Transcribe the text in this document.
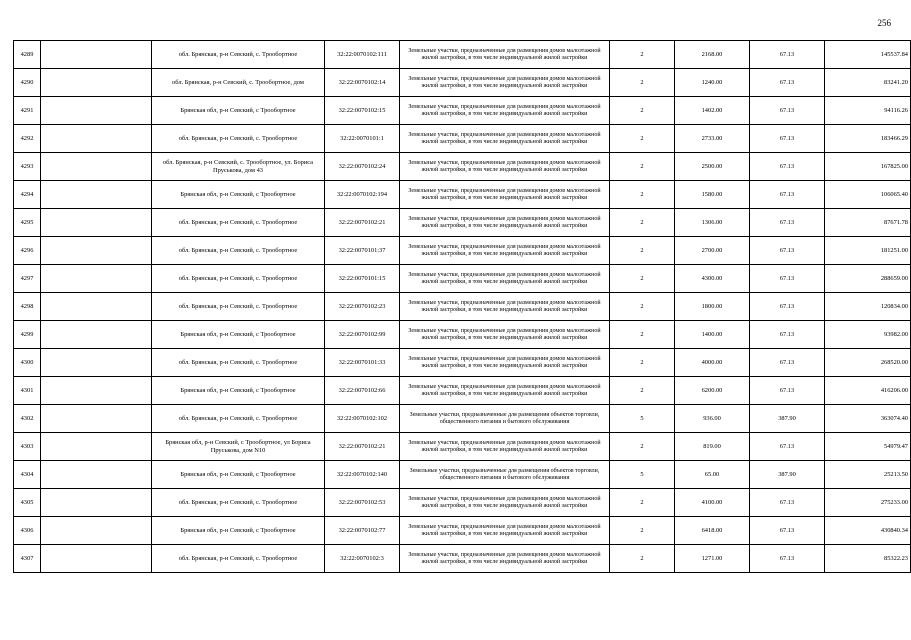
256
4289		обл. Брянская, р-н Севский, с. Трообортное	32:22:0070102:111	Земельные участки, предназначенные для размещения домов малоэтажной жилой застройки, в том числе индивидуальной жилой застройки	2	2168.00	67.13	145537.84
4290		обл. Брянская, р-н Севский, с. Трообортное, дом	32:22:0070102:14	Земельные участки, предназначенные для размещения домов малоэтажной жилой застройки, в том числе индивидуальной жилой застройки	2	1240.00	67.13	83241.20
4291		Брянская обл, р-н Севский, с Трообортное	32:22:0070102:15	Земельные участки, предназначенные для размещения домов малоэтажной жилой застройки, в том числе индивидуальной жилой застройки	2	1402.00	67.13	94116.26
4292		обл. Брянская, р-н Севский, с. Трообортное	32:22:0070101:1	Земельные участки, предназначенные для размещения домов малоэтажной жилой застройки, в том числе индивидуальной жилой застройки	2	2733.00	67.13	183466.29
4293		обл. Брянская, р-н Севский, с. Трообортное, ул. Бориса Пруськова, дом 43	32:22:0070102:24	Земельные участки, предназначенные для размещения домов малоэтажной жилой застройки, в том числе индивидуальной жилой застройки	2	2500.00	67.13	167825.00
4294		Брянская обл, р-н Севский, с Трообортное	32:22:0070102:194	Земельные участки, предназначенные для размещения домов малоэтажной жилой застройки, в том числе индивидуальной жилой застройки	2	1580.00	67.13	106065.40
4295		обл. Брянская, р-н Севский, с. Трообортное	32:22:0070102:21	Земельные участки, предназначенные для размещения домов малоэтажной жилой застройки, в том числе индивидуальной жилой застройки	2	1306.00	67.13	87671.78
4296		обл. Брянская, р-н Севский, с. Трообортное	32:22:0070101:37	Земельные участки, предназначенные для размещения домов малоэтажной жилой застройки, в том числе индивидуальной жилой застройки	2	2700.00	67.13	181251.00
4297		обл. Брянская, р-н Севский, с. Трообортное	32:22:0070101:15	Земельные участки, предназначенные для размещения домов малоэтажной жилой застройки, в том числе индивидуальной жилой застройки	2	4300.00	67.13	288659.00
4298		обл. Брянская, р-н Севский, с. Трообортное	32:22:0070102:23	Земельные участки, предназначенные для размещения домов малоэтажной жилой застройки, в том числе индивидуальной жилой застройки	2	1800.00	67.13	120834.00
4299		Брянская обл, р-н Севский, с Трообортное	32:22:0070102:99	Земельные участки, предназначенные для размещения домов малоэтажной жилой застройки, в том числе индивидуальной жилой застройки	2	1400.00	67.13	93982.00
4300		обл. Брянская, р-н Севский, с. Трообортное	32:22:0070101:33	Земельные участки, предназначенные для размещения домов малоэтажной жилой застройки, в том числе индивидуальной жилой застройки	2	4000.00	67.13	268520.00
4301		Брянская обл, р-н Севский, с Трообортное	32:22:0070102:66	Земельные участки, предназначенные для размещения домов малоэтажной жилой застройки, в том числе индивидуальной жилой застройки	2	6200.00	67.13	416206.00
4302		обл. Брянская, р-н Севский, с. Трообортное	32:22:0070102:102	Земельные участки, предназначенные для размещения объектов торговли, общественного питания и бытового обслуживания	5	936.00	387.90	363074.40
4303		Брянская обл, р-н Севский, с Трообортное, ул Бориса Пруськова, дом N10	32:22:0070102:21	Земельные участки, предназначенные для размещения домов малоэтажной жилой застройки, в том числе индивидуальной жилой застройки	2	819.00	67.13	54979.47
4304		Брянская обл, р-н Севский, с Трообортное	32:22:0070102:140	Земельные участки, предназначенные для размещения объектов торговли, общественного питания и бытового обслуживания	5	65.00	387.90	25213.50
4305		обл. Брянская, р-н Севский, с. Трообортное	32:22:0070102:53	Земельные участки, предназначенные для размещения домов малоэтажной жилой застройки, в том числе индивидуальной жилой застройки	2	4100.00	67.13	275233.00
4306		Брянская обл, р-н Севский, с Трообортное	32:22:0070102:77	Земельные участки, предназначенные для размещения домов малоэтажной жилой застройки, в том числе индивидуальной жилой застройки	2	6418.00	67.13	430840.34
4307		обл. Брянская, р-н Севский, с. Трообортное	32:22:0070102:3	Земельные участки, предназначенные для размещения домов малоэтажной жилой застройки, в том числе индивидуальной жилой застройки	2	1271.00	67.13	85322.23
